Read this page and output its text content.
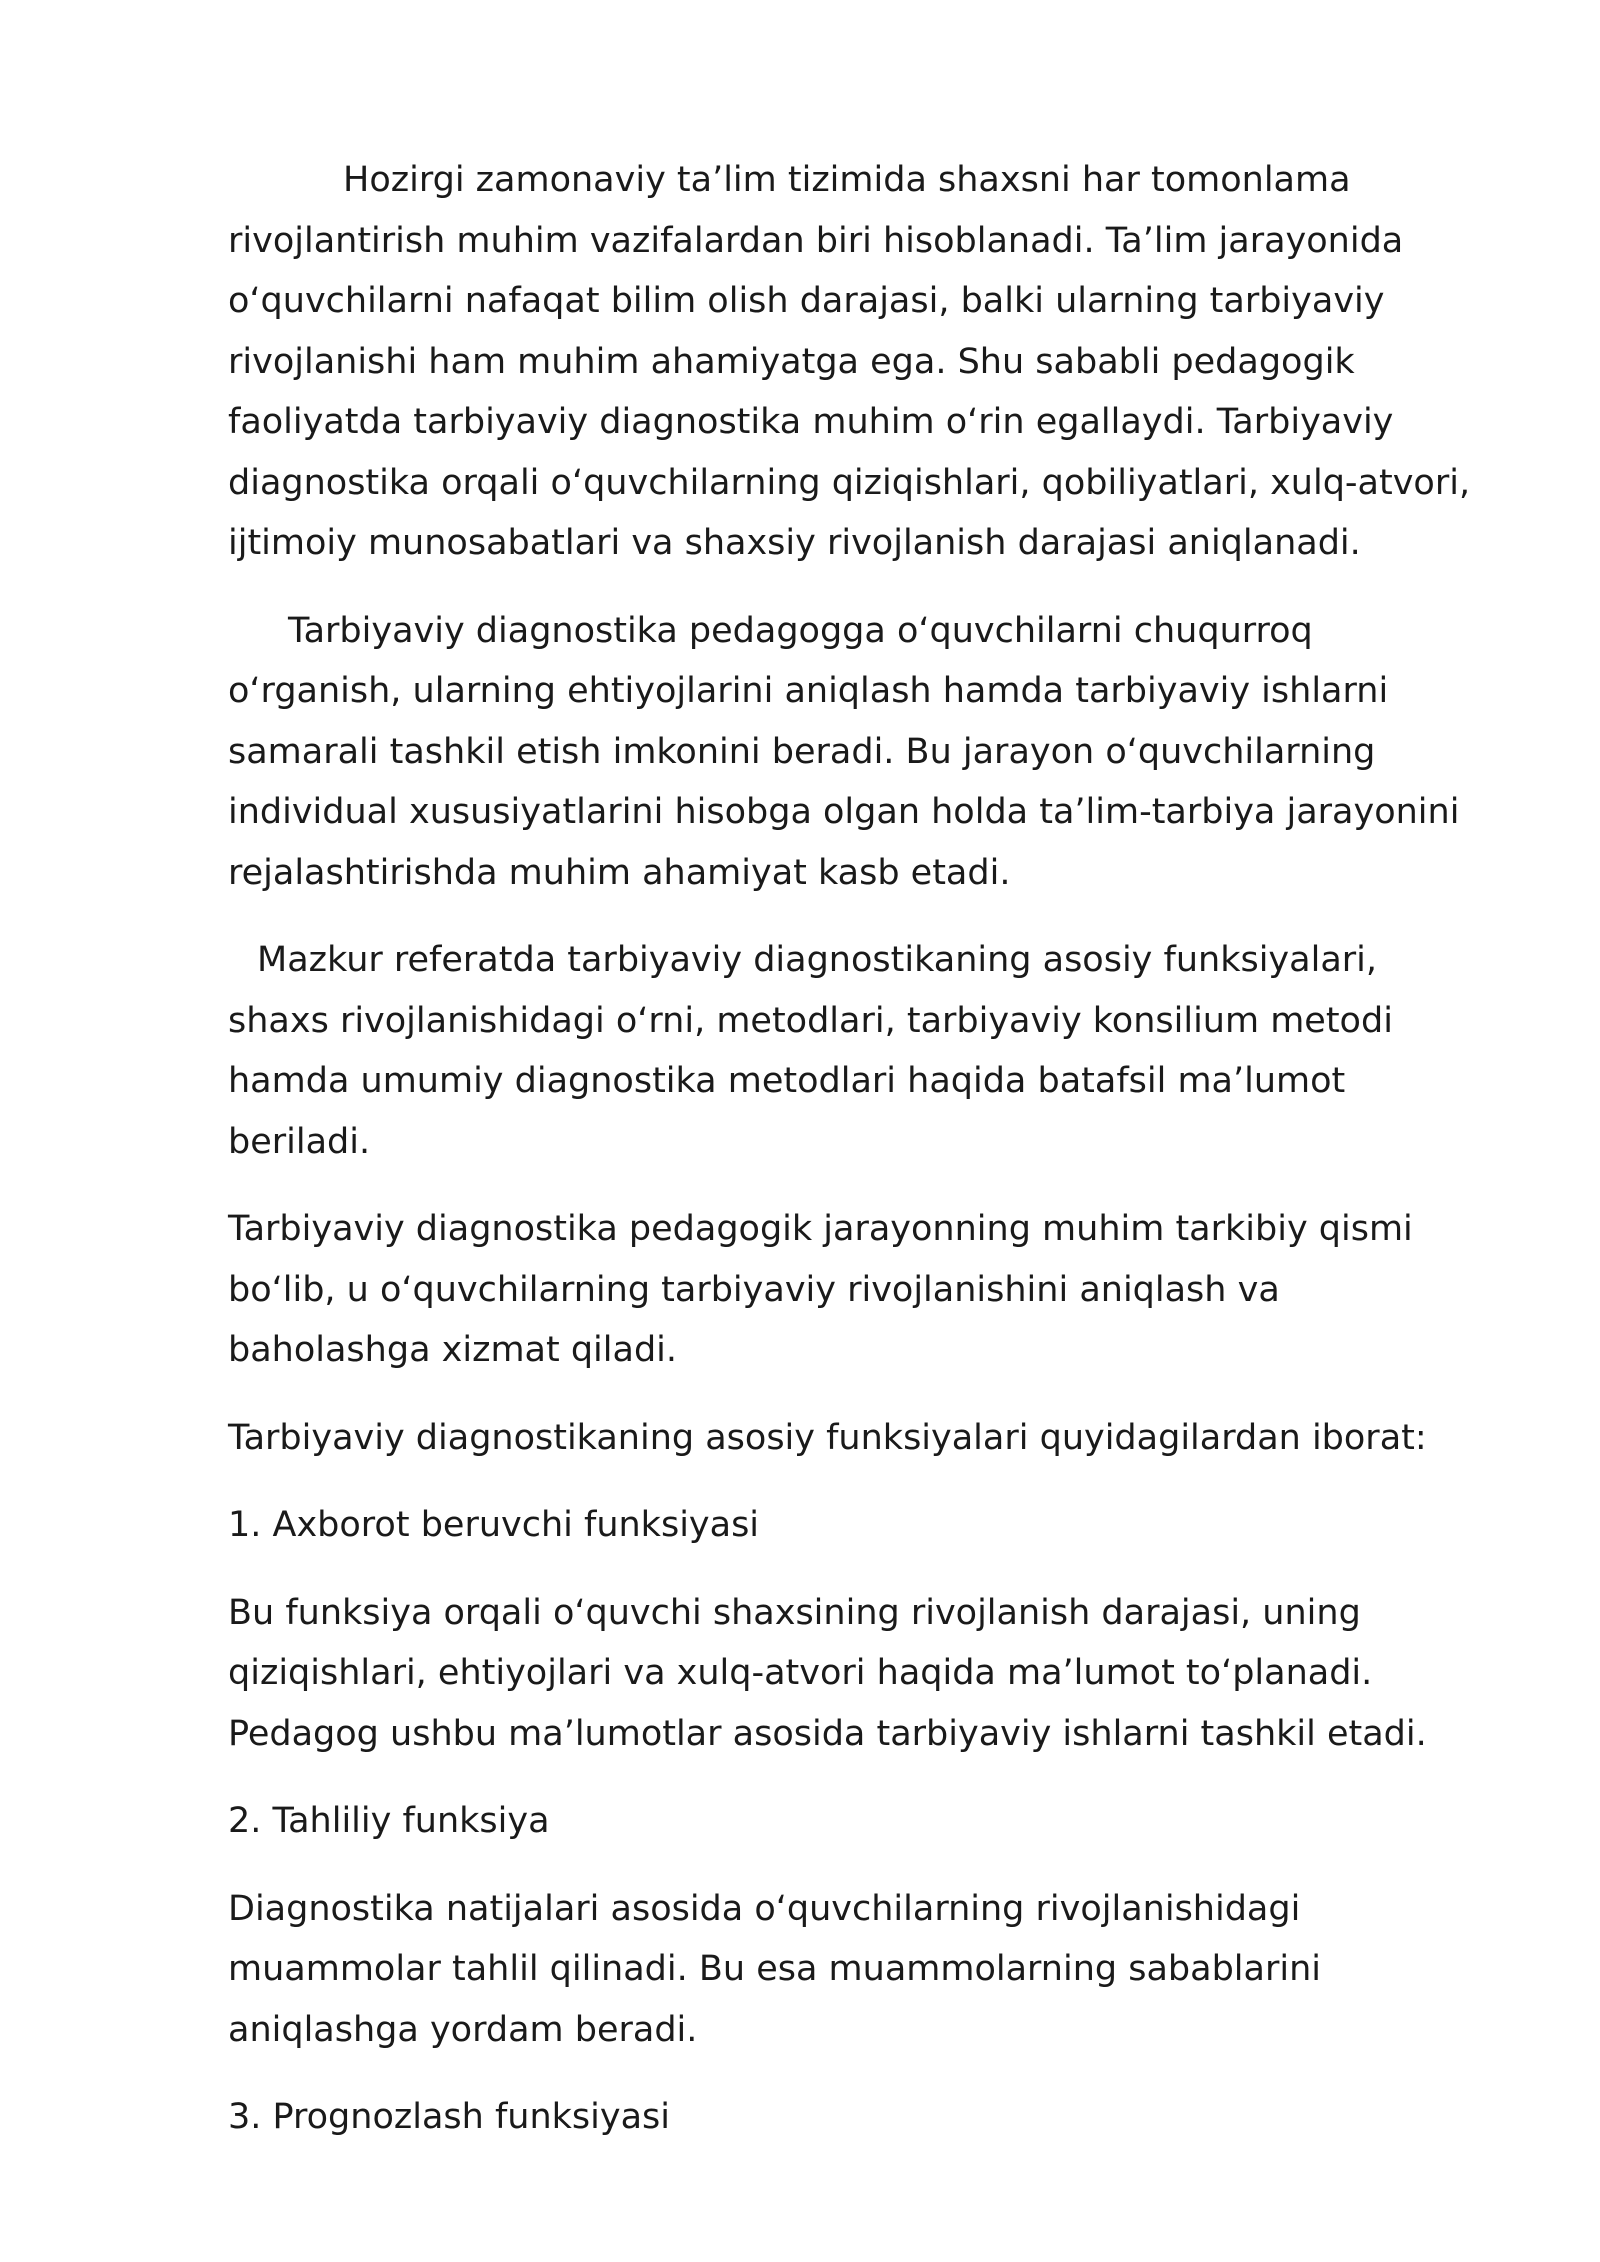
Hozirgi zamonaviy ta’lim tizimida shaxsni har tomonlama rivojlantirish muhim vazifalardan biri hisoblanadi. Ta’lim jarayonida o‘quvchilarni nafaqat bilim olish darajasi, balki ularning tarbiyaviy rivojlanishi ham muhim ahamiyatga ega. Shu sababli pedagogik faoliyatda tarbiyaviy diagnostika muhim o‘rin egallaydi. Tarbiyaviy diagnostika orqali o‘quvchilarning qiziqishlari, qobiliyatlari, xulq-atvori, ijtimoiy munosabatlari va shaxsiy rivojlanish darajasi aniqlanadi.

Tarbiyaviy diagnostika pedagogga o‘quvchilarni chuqurroq o‘rganish, ularning ehtiyojlarini aniqlash hamda tarbiyaviy ishlarni samarali tashkil etish imkonini beradi. Bu jarayon o‘quvchilarning individual xususiyatlarini hisobga olgan holda ta’lim-tarbiya jarayonini rejalashtirishda muhim ahamiyat kasb etadi.

Mazkur referatda tarbiyaviy diagnostikaning asosiy funksiyalari, shaxs rivojlanishidagi o‘rni, metodlari, tarbiyaviy konsilium metodi hamda umumiy diagnostika metodlari haqida batafsil ma’lumot beriladi.

Tarbiyaviy diagnostika pedagogik jarayonning muhim tarkibiy qismi bo‘lib, u o‘quvchilarning tarbiyaviy rivojlanishini aniqlash va baholashga xizmat qiladi.

Tarbiyaviy diagnostikaning asosiy funksiyalari quyidagilardan iborat:

1. Axborot beruvchi funksiyasi

Bu funksiya orqali o‘quvchi shaxsining rivojlanish darajasi, uning qiziqishlari, ehtiyojlari va xulq-atvori haqida ma’lumot to‘planadi. Pedagog ushbu ma’lumotlar asosida tarbiyaviy ishlarni tashkil etadi.

2. Tahliliy funksiya

Diagnostika natijalari asosida o‘quvchilarning rivojlanishidagi muammolar tahlil qilinadi. Bu esa muammolarning sabablarini aniqlashga yordam beradi.

3. Prognozlash funksiyasi
